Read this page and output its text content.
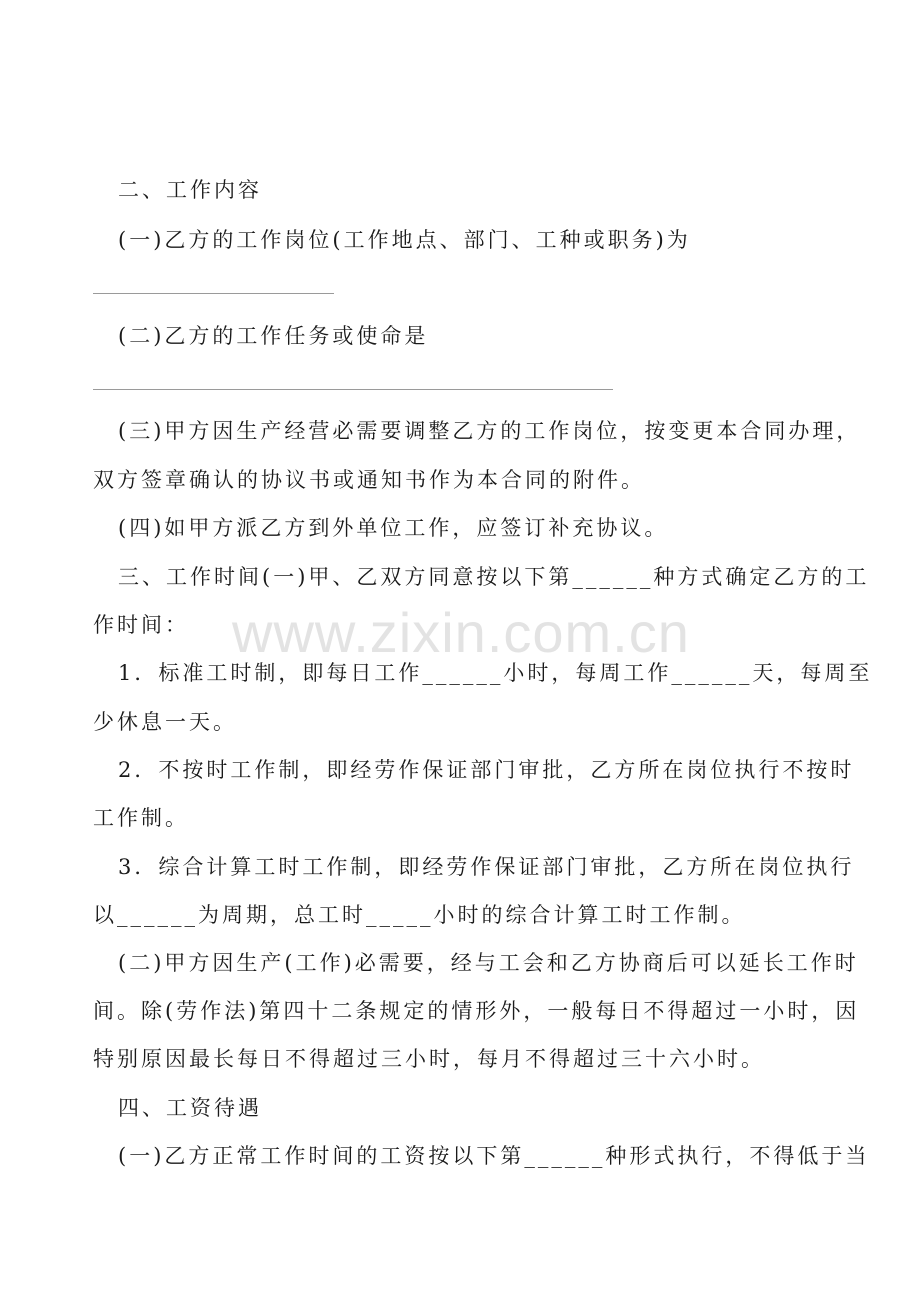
www.zixin.com.cn
二、工作内容
(一)乙方的工作岗位(工作地点、部门、工种或职务)为
(二)乙方的工作任务或使命是
(三)甲方因生产经营必需要调整乙方的工作岗位，按变更本合同办理，
双方签章确认的协议书或通知书作为本合同的附件。
(四)如甲方派乙方到外单位工作，应签订补充协议。
三、工作时间(一)甲、乙双方同意按以下第______种方式确定乙方的工
作时间：
1．标准工时制，即每日工作______小时，每周工作______天，每周至
少休息一天。
2．不按时工作制，即经劳作保证部门审批，乙方所在岗位执行不按时
工作制。
3．综合计算工时工作制，即经劳作保证部门审批，乙方所在岗位执行
以______为周期，总工时_____小时的综合计算工时工作制。
(二)甲方因生产(工作)必需要，经与工会和乙方协商后可以延长工作时
间。除(劳作法)第四十二条规定的情形外，一般每日不得超过一小时，因
特别原因最长每日不得超过三小时，每月不得超过三十六小时。
四、工资待遇
(一)乙方正常工作时间的工资按以下第______种形式执行，不得低于当
